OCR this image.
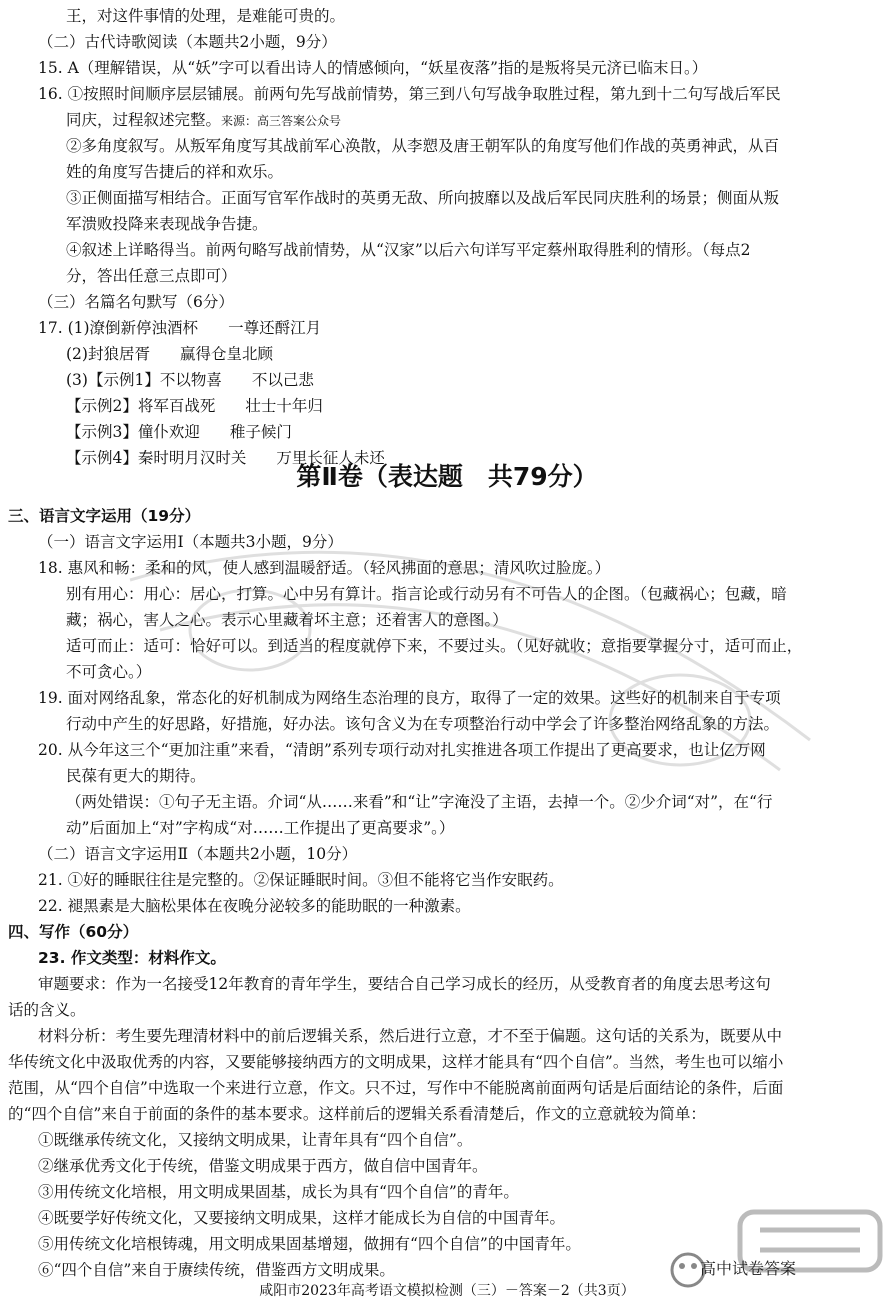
王，对这件事情的处理，是难能可贵的。
（二）古代诗歌阅读（本题共2小题，9分）
15. A（理解错误，从“妖”字可以看出诗人的情感倾向，“妖星夜落”指的是叛将吴元济已临末日。）
16. ①按照时间顺序层层铺展。前两句先写战前情势，第三到八句写战争取胜过程，第九到十二句写战后军民
同庆，过程叙述完整。来源：高三答案公众号
②多角度叙写。从叛军角度写其战前军心涣散，从李愬及唐王朝军队的角度写他们作战的英勇神武，从百
姓的角度写告捷后的祥和欢乐。
③正侧面描写相结合。正面写官军作战时的英勇无敌、所向披靡以及战后军民同庆胜利的场景；侧面从叛
军溃败投降来表现战争告捷。
④叙述上详略得当。前两句略写战前情势，从“汉家”以后六句详写平定蔡州取得胜利的情形。（每点2
分，答出任意三点即可）
（三）名篇名句默写（6分）
17. (1)潦倒新停浊酒杯 一尊还酹江月
(2)封狼居胥 赢得仓皇北顾
(3)【示例1】不以物喜 不以己悲
【示例2】将军百战死 壮士十年归
【示例3】僮仆欢迎 稚子候门
【示例4】秦时明月汉时关 万里长征人未还
第Ⅱ卷（表达题　共79分）
三、语言文字运用（19分）
（一）语言文字运用Ⅰ（本题共3小题，9分）
18. 惠风和畅：柔和的风，使人感到温暖舒适。（轻风拂面的意思；清风吹过脸庞。）
别有用心：用心：居心，打算。心中另有算计。指言论或行动另有不可告人的企图。（包藏祸心；包藏，暗
藏；祸心，害人之心。表示心里藏着坏主意；还着害人的意图。）
适可而止：适可：恰好可以。到适当的程度就停下来，不要过头。（见好就收；意指要掌握分寸，适可而止，
不可贪心。）
19. 面对网络乱象，常态化的好机制成为网络生态治理的良方，取得了一定的效果。这些好的机制来自于专项
行动中产生的好思路，好措施，好办法。该句含义为在专项整治行动中学会了许多整治网络乱象的方法。
20. 从今年这三个“更加注重”来看，“清朗”系列专项行动对扎实推进各项工作提出了更高要求，也让亿万网
民葆有更大的期待。
（两处错误：①句子无主语。介词“从……来看”和“让”字淹没了主语，去掉一个。②少介词“对”，在“行
动”后面加上“对”字构成“对……工作提出了更高要求”。）
（二）语言文字运用Ⅱ（本题共2小题，10分）
21. ①好的睡眠往往是完整的。②保证睡眠时间。③但不能将它当作安眠药。
22. 褪黑素是大脑松果体在夜晚分泌较多的能助眠的一种激素。
四、写作（60分）
23. 作文类型：材料作文。
审题要求：作为一名接受12年教育的青年学生，要结合自己学习成长的经历，从受教育者的角度去思考这句
话的含义。
材料分析：考生要先理清材料中的前后逻辑关系，然后进行立意，才不至于偏题。这句话的关系为，既要从中
华传统文化中汲取优秀的内容，又要能够接纳西方的文明成果，这样才能具有“四个自信”。当然，考生也可以缩小
范围，从“四个自信”中选取一个来进行立意，作文。只不过，写作中不能脱离前面两句话是后面结论的条件，后面
的“四个自信”来自于前面的条件的基本要求。这样前后的逻辑关系看清楚后，作文的立意就较为简单：
①既继承传统文化，又接纳文明成果，让青年具有“四个自信”。
②继承优秀文化于传统，借鉴文明成果于西方，做自信中国青年。
③用传统文化培根，用文明成果固基，成长为具有“四个自信”的青年。
④既要学好传统文化，又要接纳文明成果，这样才能成长为自信的中国青年。
⑤用传统文化培根铸魂，用文明成果固基增翅，做拥有“四个自信”的中国青年。
⑥“四个自信”来自于赓续传统，借鉴西方文明成果。	高中试卷答案
咸阳市2023年高考语文模拟检测（三）－答案－2（共3页）
